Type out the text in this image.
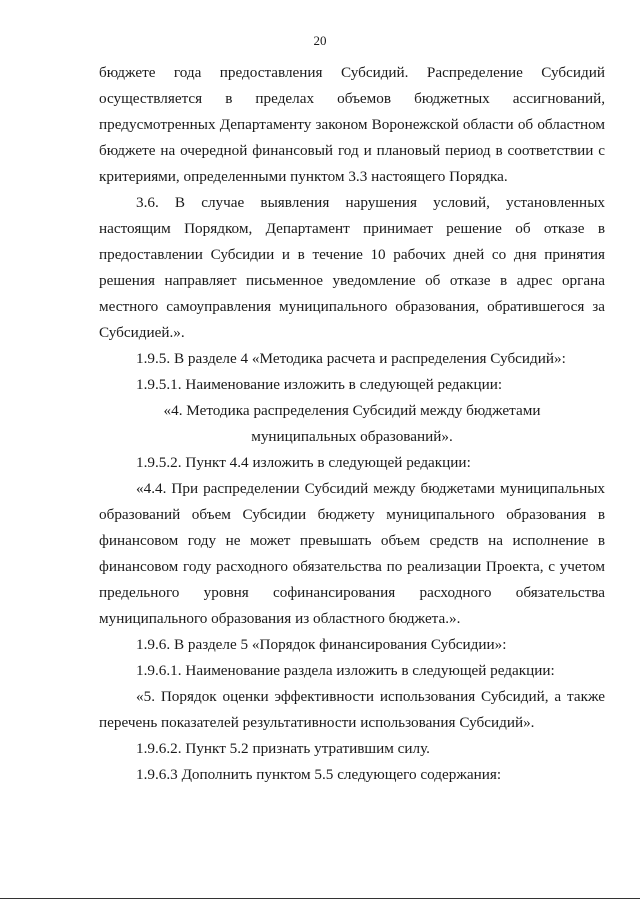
20
бюджете года предоставления Субсидий. Распределение Субсидий
осуществляется в пределах объемов бюджетных ассигнований,
предусмотренных Департаменту законом Воронежской области об областном
бюджете на очередной финансовый год и плановый период в соответствии с
критериями, определенными пунктом 3.3 настоящего Порядка.
3.6. В случае выявления нарушения условий, установленных
настоящим Порядком, Департамент принимает решение об отказе в
предоставлении Субсидии и в течение 10 рабочих дней со дня принятия
решения направляет письменное уведомление об отказе в адрес органа
местного самоуправления муниципального образования, обратившегося за
Субсидией.».
1.9.5. В разделе 4 «Методика расчета и распределения Субсидий»:
1.9.5.1. Наименование изложить в следующей редакции:
«4. Методика распределения Субсидий между бюджетами
муниципальных образований».
1.9.5.2. Пункт 4.4 изложить в следующей редакции:
«4.4. При распределении Субсидий между бюджетами муниципальных
образований объем Субсидии бюджету муниципального образования в
финансовом году не может превышать объем средств на исполнение в
финансовом году расходного обязательства по реализации Проекта, с учетом
предельного уровня софинансирования расходного обязательства
муниципального образования из областного бюджета.».
1.9.6. В разделе 5 «Порядок финансирования Субсидии»:
1.9.6.1. Наименование раздела изложить в следующей редакции:
«5. Порядок оценки эффективности использования Субсидий, а также
перечень показателей результативности использования Субсидий».
1.9.6.2. Пункт 5.2 признать утратившим силу.
1.9.6.3 Дополнить пунктом 5.5 следующего содержания:
